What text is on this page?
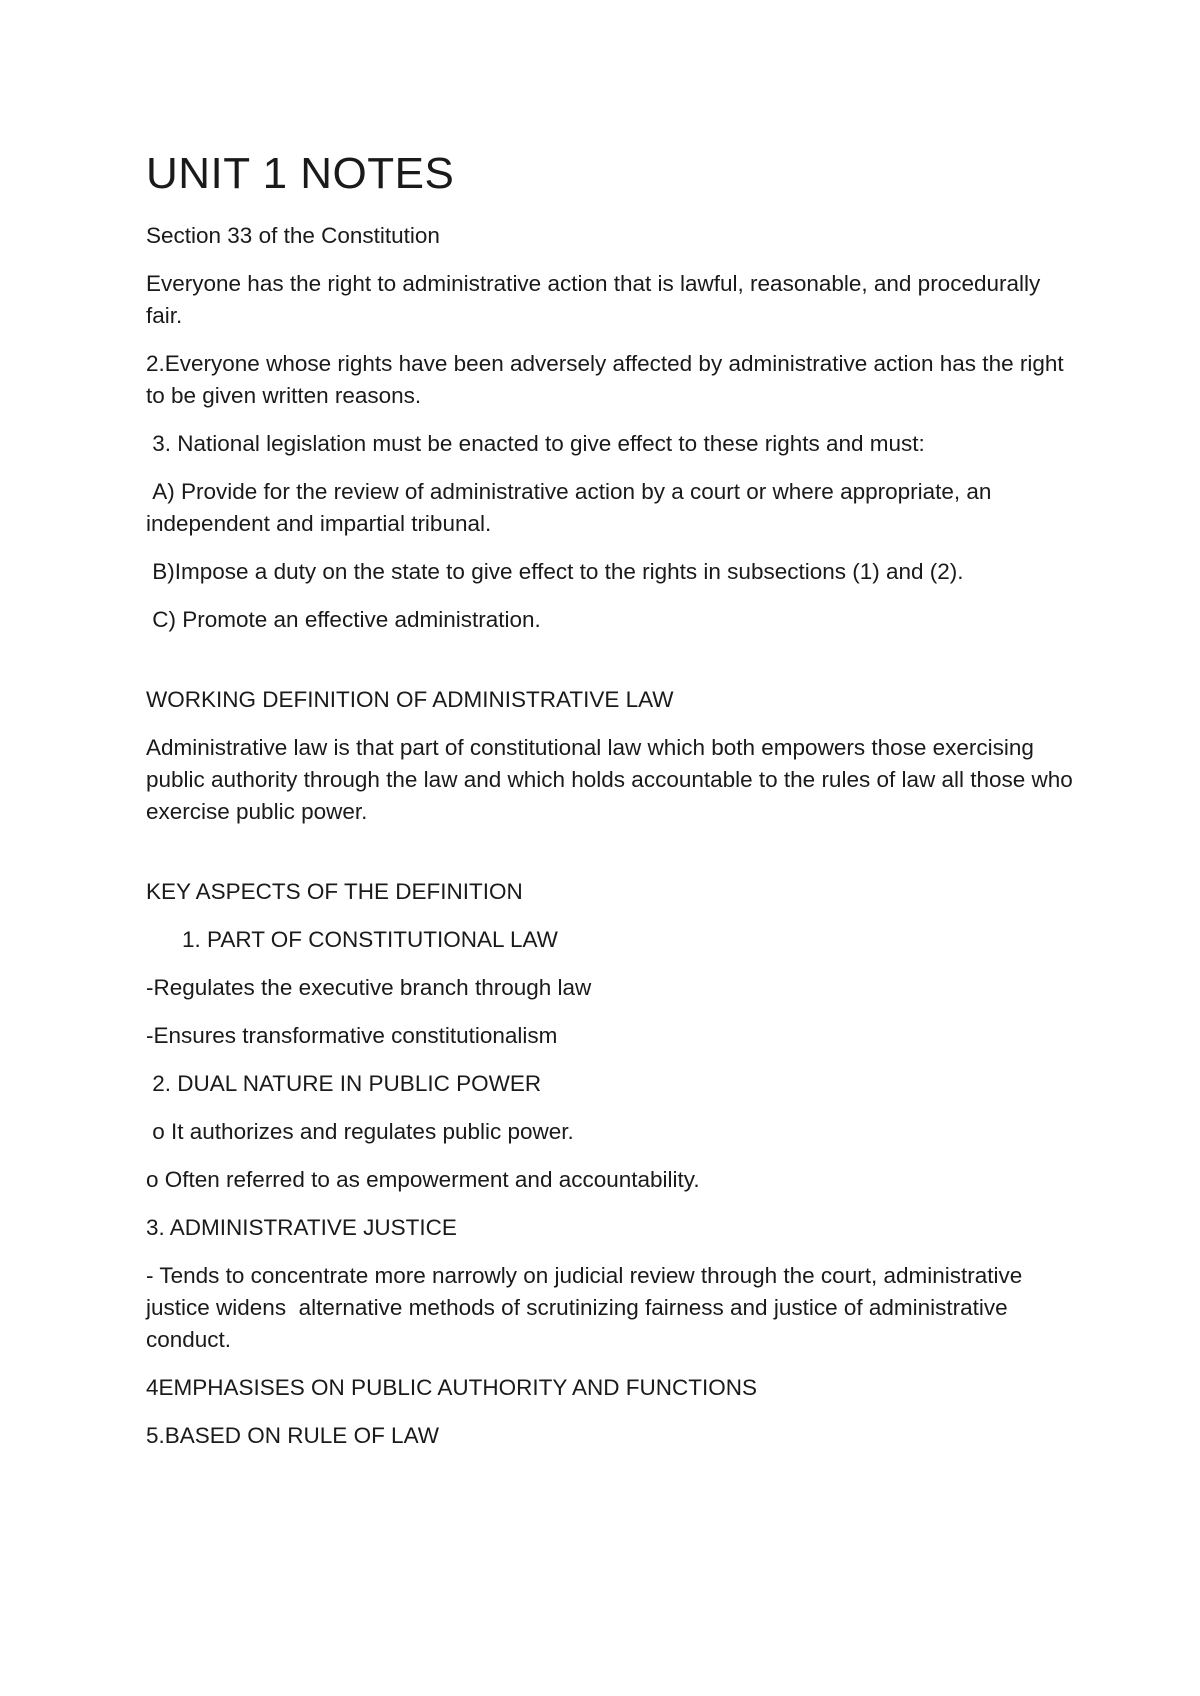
UNIT 1 NOTES
Section 33 of the Constitution
Everyone has the right to administrative action that is lawful, reasonable, and procedurally fair.
2.Everyone whose rights have been adversely affected by administrative action has the right to be given written reasons.
3. National legislation must be enacted to give effect to these rights and must:
A) Provide for the review of administrative action by a court or where appropriate, an independent and impartial tribunal.
B)Impose a duty on the state to give effect to the rights in subsections (1) and (2).
C) Promote an effective administration.
WORKING DEFINITION OF ADMINISTRATIVE LAW
Administrative law is that part of constitutional law which both empowers those exercising public authority through the law and which holds accountable to the rules of law all those who exercise public power.
KEY ASPECTS OF THE DEFINITION
1. PART OF CONSTITUTIONAL LAW
-Regulates the executive branch through law
-Ensures transformative constitutionalism
2. DUAL NATURE IN PUBLIC POWER
o It authorizes and regulates public power.
o Often referred to as empowerment and accountability.
3. ADMINISTRATIVE JUSTICE
- Tends to concentrate more narrowly on judicial review through the court, administrative justice widens  alternative methods of scrutinizing fairness and justice of administrative conduct.
4EMPHASISES ON PUBLIC AUTHORITY AND FUNCTIONS
5.BASED ON RULE OF LAW
